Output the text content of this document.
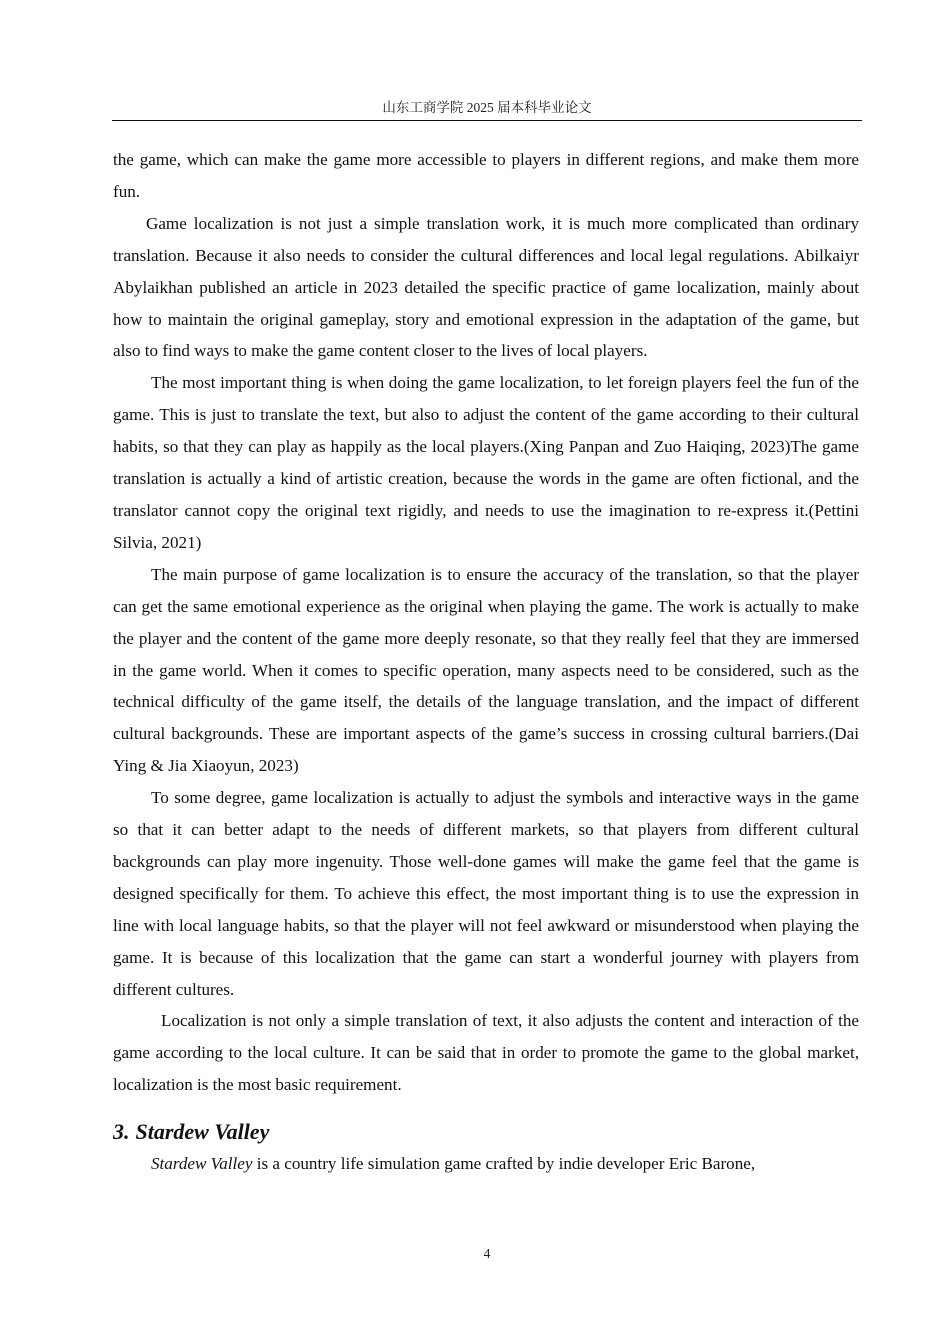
山东工商学院 2025 届本科毕业论文

the game, which can make the game more accessible to players in different regions, and make them more fun.

Game localization is not just a simple translation work, it is much more complicated than ordinary translation. Because it also needs to consider the cultural differences and local legal regulations. Abilkaiyr Abylaikhan published an article in 2023 detailed the specific practice of game localization, mainly about how to maintain the original gameplay, story and emotional expression in the adaptation of the game, but also to find ways to make the game content closer to the lives of local players.

The most important thing is when doing the game localization, to let foreign players feel the fun of the game. This is just to translate the text, but also to adjust the content of the game according to their cultural habits, so that they can play as happily as the local players.(Xing Panpan and Zuo Haiqing, 2023)The game translation is actually a kind of artistic creation, because the words in the game are often fictional, and the translator cannot copy the original text rigidly, and needs to use the imagination to re-express it.(Pettini Silvia, 2021)

The main purpose of game localization is to ensure the accuracy of the translation, so that the player can get the same emotional experience as the original when playing the game. The work is actually to make the player and the content of the game more deeply resonate, so that they really feel that they are immersed in the game world. When it comes to specific operation, many aspects need to be considered, such as the technical difficulty of the game itself, the details of the language translation, and the impact of different cultural backgrounds. These are important aspects of the game’s success in crossing cultural barriers.(Dai Ying & Jia Xiaoyun, 2023)

To some degree, game localization is actually to adjust the symbols and interactive ways in the game so that it can better adapt to the needs of different markets, so that players from different cultural backgrounds can play more ingenuity. Those well-done games will make the game feel that the game is designed specifically for them. To achieve this effect, the most important thing is to use the expression in line with local language habits, so that the player will not feel awkward or misunderstood when playing the game. It is because of this localization that the game can start a wonderful journey with players from different cultures.

Localization is not only a simple translation of text, it also adjusts the content and interaction of the game according to the local culture. It can be said that in order to promote the game to the global market, localization is the most basic requirement.

3. Stardew Valley

Stardew Valley is a country life simulation game crafted by indie developer Eric Barone,

4
